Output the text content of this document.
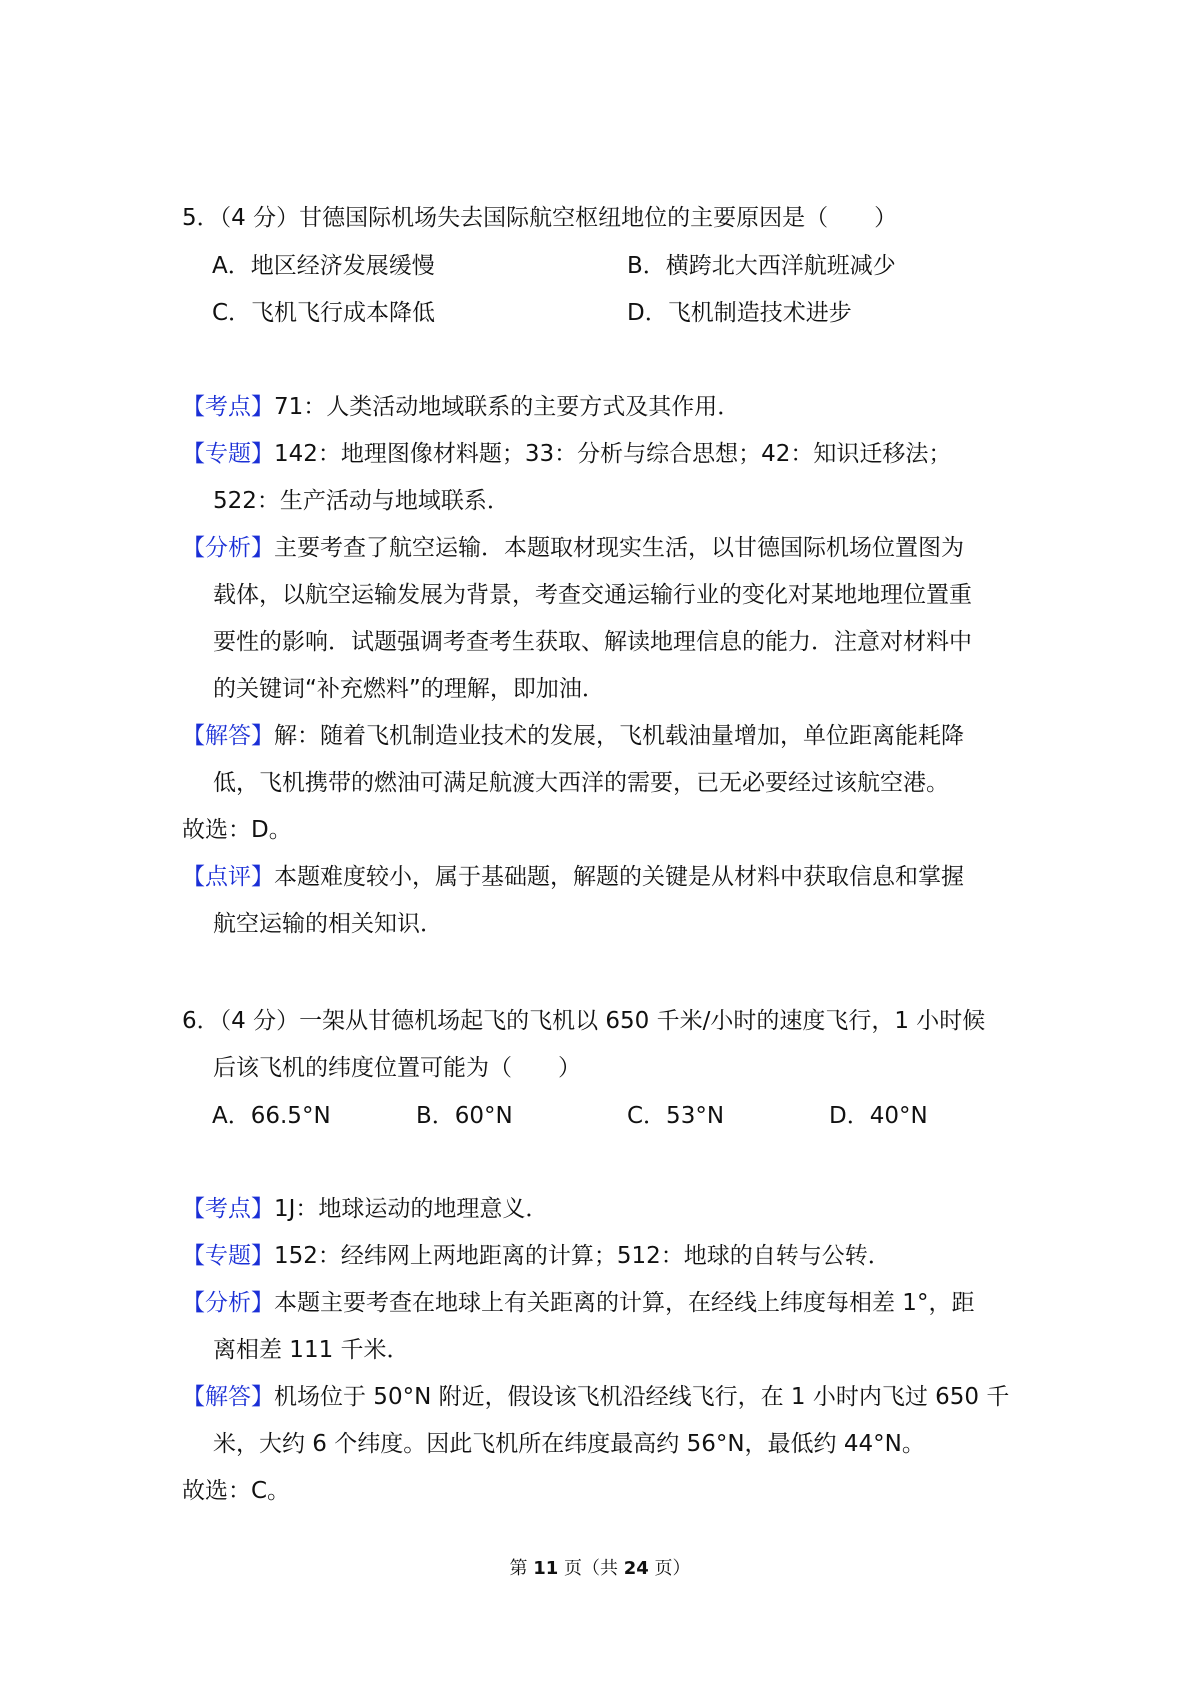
5．（4 分）甘德国际机场失去国际航空枢纽地位的主要原因是（　　）
A．地区经济发展缓慢	B．横跨北大西洋航班减少
C．飞机飞行成本降低	D．飞机制造技术进步
【考点】71：人类活动地域联系的主要方式及其作用．
【专题】142：地理图像材料题；33：分析与综合思想；42：知识迁移法；
522：生产活动与地域联系．
【分析】主要考查了航空运输．本题取材现实生活，以甘德国际机场位置图为
载体，以航空运输发展为背景，考查交通运输行业的变化对某地地理位置重
要性的影响．试题强调考查考生获取、解读地理信息的能力．注意对材料中
的关键词“补充燃料”的理解，即加油．
【解答】解：随着飞机制造业技术的发展，飞机载油量增加，单位距离能耗降
低，飞机携带的燃油可满足航渡大西洋的需要，已无必要经过该航空港。
故选：D。
【点评】本题难度较小，属于基础题，解题的关键是从材料中获取信息和掌握
航空运输的相关知识．
6．（4 分）一架从甘德机场起飞的飞机以 650 千米/小时的速度飞行，1 小时候
后该飞机的纬度位置可能为（　　）
A．66.5°N	B．60°N	C．53°N	D．40°N
【考点】1J：地球运动的地理意义．
【专题】152：经纬网上两地距离的计算；512：地球的自转与公转．
【分析】本题主要考查在地球上有关距离的计算，在经线上纬度每相差 1°，距
离相差 111 千米．
【解答】机场位于 50°N 附近，假设该飞机沿经线飞行，在 1 小时内飞过 650 千
米，大约 6 个纬度。因此飞机所在纬度最高约 56°N，最低约 44°N。
故选：C。
第 11 页（共 24 页）
